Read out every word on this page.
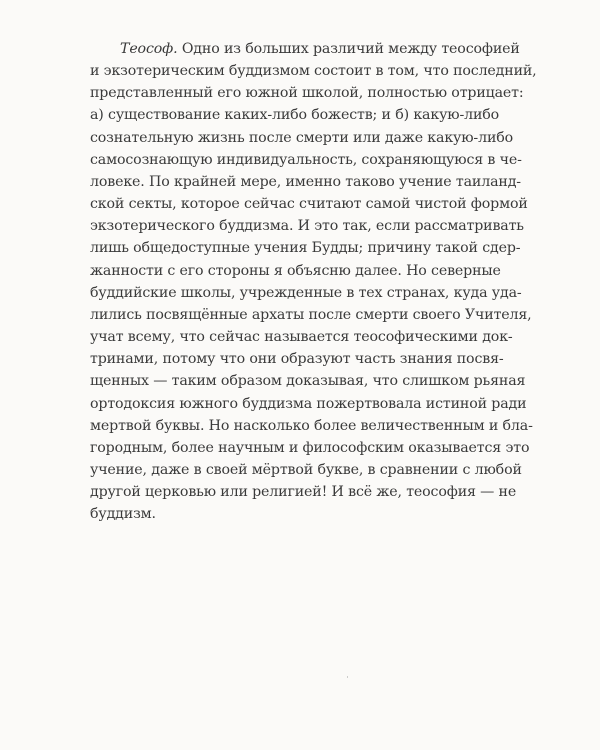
Теософ. Одно из больших различий между теософией
и экзотерическим буддизмом состоит в том, что последний,
представленный его южной школой, полностью отрицает:
а) существование каких-либо божеств; и б) какую-либо
сознательную жизнь после смерти или даже какую-либо
самосознающую индивидуальность, сохраняющуюся в че-
ловеке. По крайней мере, именно таково учение таиланд-
ской секты, которое сейчас считают самой чистой формой
экзотерического буддизма. И это так, если рассматривать
лишь общедоступные учения Будды; причину такой сдер-
жанности с его стороны я объясню далее. Но северные
буддийские школы, учрежденные в тех странах, куда уда-
лились посвящённые архаты после смерти своего Учителя,
учат всему, что сейчас называется теософическими док-
тринами, потому что они образуют часть знания посвя-
щенных — таким образом доказывая, что слишком рьяная
ортодоксия южного буддизма пожертвовала истиной ради
мертвой буквы. Но насколько более величественным и бла-
городным, более научным и философским оказывается это
учение, даже в своей мёртвой букве, в сравнении с любой
другой церковью или религией! И всё же, теософия — не
буддизм.
